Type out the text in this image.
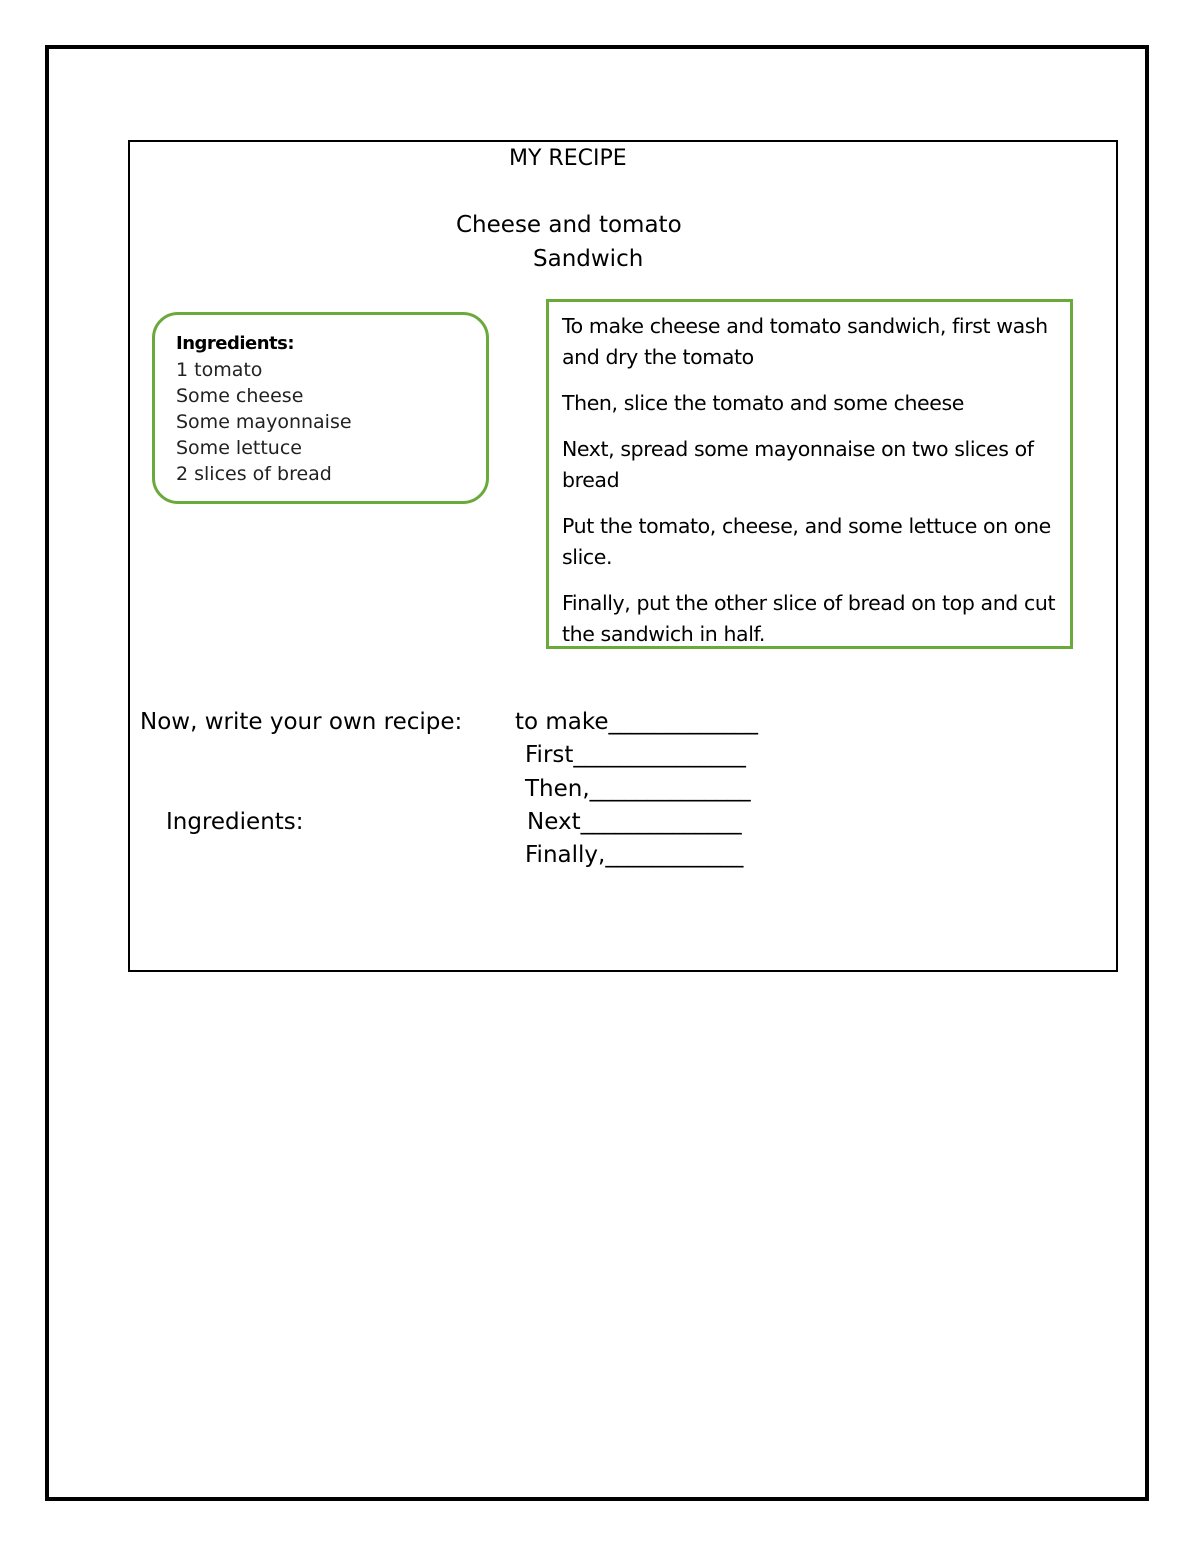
MY RECIPE
Cheese and tomato
Sandwich
Ingredients:
1 tomato
Some cheese
Some mayonnaise
Some lettuce
2 slices of bread

To make cheese and tomato sandwich, first wash and dry the tomato

Then, slice the tomato and some cheese

Next, spread some mayonnaise on two slices of bread

Put the tomato, cheese, and some lettuce on one slice.

Finally, put the other slice of bread on top and cut the sandwich in half.

Now, write your own recipe:
Ingredients:
to make_____________
First_______________
Then,______________
Next______________
Finally,____________
